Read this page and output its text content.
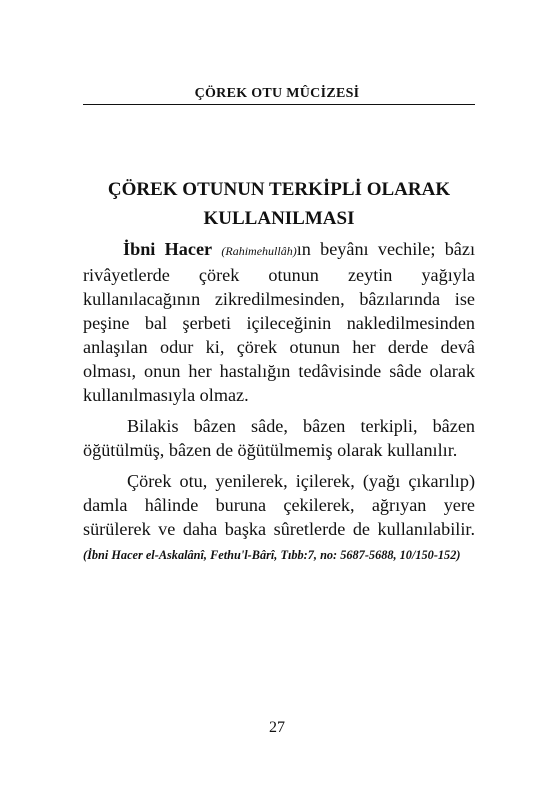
ÇÖREK OTU MÛCİZESİ
ÇÖREK OTUNUN TERKİPLİ OLARAK
KULLANILMASI

İbni Hacer (Rahimehullâh)ın beyânı vechile; bâzı rivâyetlerde çörek otunun zeytin yağıyla kullanılacağının zikredilmesinden, bâzılarında ise peşine bal şerbeti içileceğinin nakledilmesinden anlaşılan odur ki, çörek otunun her derde devâ olması, onun her hastalığın tedâvisinde sâde olarak kullanılmasıyla olmaz.

Bilakis bâzen sâde, bâzen terkipli, bâzen öğütülmüş, bâzen de öğütülmemiş olarak kullanılır.

Çörek otu, yenilerek, içilerek, (yağı çıkarılıp) damla hâlinde buruna çekilerek, ağrıyan yere sürülerek ve daha başka sûretlerde de kullanılabilir. (İbni Hacer el-Askalânî, Fethu'l-Bârî, Tıbb:7, no: 5687-5688, 10/150-152)

27
